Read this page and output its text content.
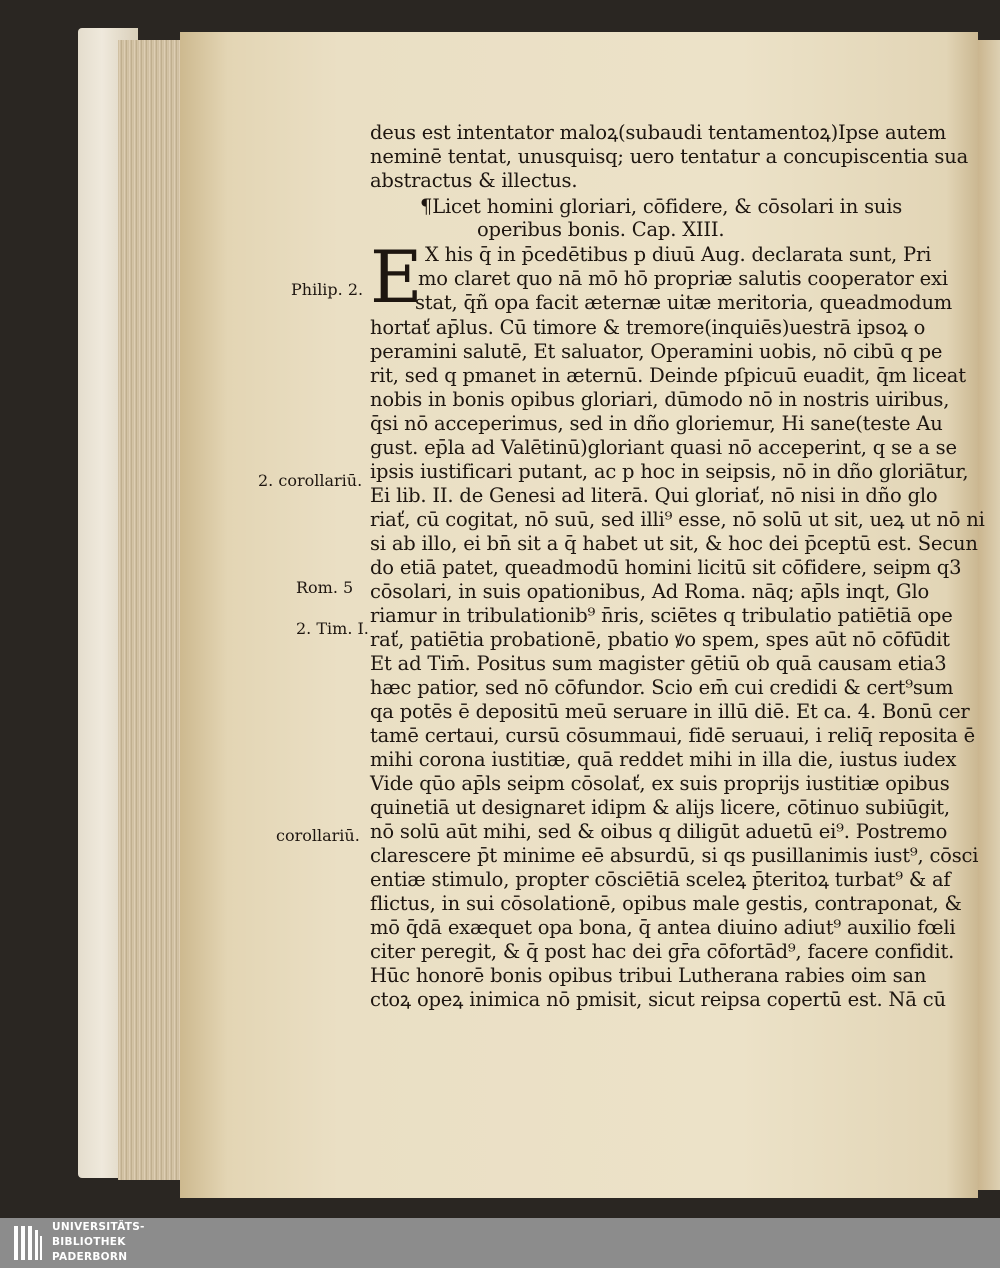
E
deus est intentator maloꝝ(subaudi tentamentoꝝ)Ipse autem
neminē tentat, unusquisq; uero tentatur a concupiscentia sua
abstractus & illectus.
¶Licet homini gloriari, cōfidere, & cōsolari in suis
operibus bonis. Cap. XIII.
X his q̄ in p̄cedētibus p diuū Aug. declarata sunt, Pri
mo claret quo nā mō hō propriæ salutis cooperator exi
stat, q̄ñ opa facit æternæ uitæ meritoria, queadmodum
hortať ap̄lus. Cū timore & tremore(inquiēs)uestrā ipsoꝝ o
peramini salutē, Et saluator, Operamini uobis, nō cibū q pe
rit, sed q pmanet in æternū. Deinde pſpicuū euadit, q̄m liceat
nobis in bonis opibus gloriari, dūmodo nō in nostris uiribus,
q̄si nō acceperimus, sed in dño gloriemur, Hi sane(teste Au
gust. ep̄la ad Valētinū)gloriant quasi nō acceperint, q se a se
ipsis iustificari putant, ac p hoc in seipsis, nō in dño gloriātur,
Ei lib. II. de Genesi ad literā. Qui gloriať, nō nisi in dño glo
riať, cū cogitat, nō suū, sed illi⁹ esse, nō solū ut sit, ueꝝ ut nō ni
si ab illo, ei bn̄ sit a q̄ habet ut sit, & hoc dei p̄ceptū est. Secun
do etiā patet, queadmodū homini licitū sit cōfidere, seipm q3
cōsolari, in suis opationibus, Ad Roma. nāq; ap̄ls inqt, Glo
riamur in tribulationib⁹ n̄ris, sciētes q tribulatio patiētiā ope
rať, patiētia probationē, pbatio ꝟo spem, spes aūt nō cōfūdit
Et ad Tim̄. Positus sum magister gētiū ob quā causam etia3
hæc patior, sed nō cōfundor. Scio em̄ cui credidi & cert⁹sum
qa potēs ē depositū meū seruare in illū diē. Et ca. 4. Bonū cer
tamē certaui, cursū cōsummaui, fidē seruaui, i reliq̄ reposita ē
mihi corona iustitiæ, quā reddet mihi in illa die, iustus iudex
Vide qūo ap̄ls seipm cōsolať, ex suis proprijs iustitiæ opibus
quinetiā ut designaret idipm & alijs licere, cōtinuo subiūgit,
nō solū aūt mihi, sed & oibus q diligūt aduetū ei⁹. Postremo
clarescere p̄t minime eē absurdū, si qs pusillanimis iust⁹, cōsci
entiæ stimulo, propter cōsciētiā sceleꝝ p̄teritoꝝ turbat⁹ & af
flictus, in sui cōsolationē, opibus male gestis, contraponat, &
mō q̄dā exæquet opa bona, q̄ antea diuino adiut⁹ auxilio fœli
citer peregit, & q̄ post hac dei gr̄a cōfortād⁹, facere confidit.
Hūc honorē bonis opibus tribui Lutherana rabies oim san
ctoꝝ opeꝝ inimica nō pmisit, sicut reipsa copertū est. Nā cū
Philip. 2.
2. corollariū.
Rom. 5
2. Tim. I.
corollariū.
UNIVERSITÄTS-
BIBLIOTHEK
PADERBORN
